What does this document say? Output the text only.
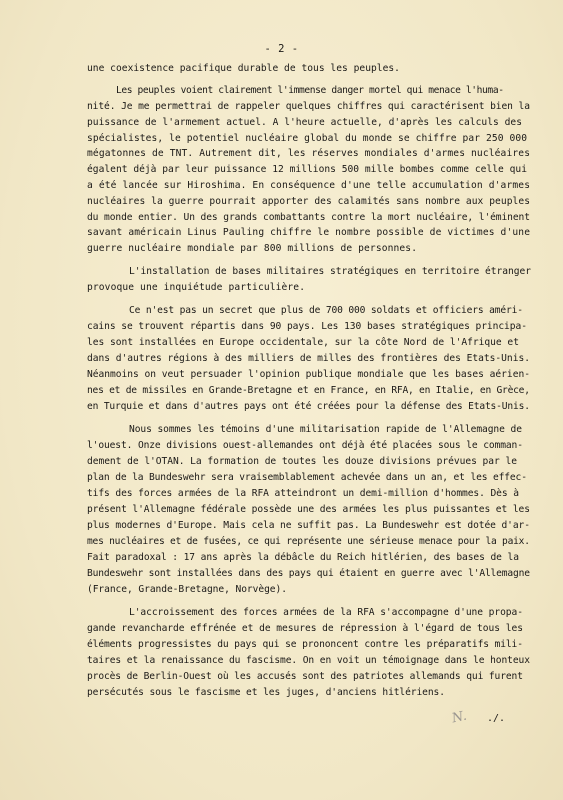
- 2 -
une coexistence pacifique durable de tous les peuples.
Les peuples voient clairement l'immense danger mortel qui menace l'huma-
nité. Je me permettrai de rappeler quelques chiffres qui caractérisent bien la
puissance de l'armement actuel. A l'heure actuelle, d'après les calculs des
spécialistes, le potentiel nucléaire global du monde se chiffre par 250 000
mégatonnes de TNT. Autrement dit, les réserves mondiales d'armes nucléaires
égalent déjà par leur puissance 12 millions 500 mille bombes comme celle qui
a été lancée sur Hiroshima. En conséquence d'une telle accumulation d'armes
nucléaires la guerre pourrait apporter des calamités sans nombre aux peuples
du monde entier. Un des grands combattants contre la mort nucléaire, l'éminent
savant américain Linus Pauling chiffre le nombre possible de victimes d'une
guerre nucléaire mondiale par 800 millions de personnes.
L'installation de bases militaires stratégiques en territoire étranger
provoque une inquiétude particulière.
Ce n'est pas un secret que plus de 700 000 soldats et officiers améri-
cains se trouvent répartis dans 90 pays. Les 130 bases stratégiques principa-
les sont installées en Europe occidentale, sur la côte Nord de l'Afrique et
dans d'autres régions à des milliers de milles des frontières des Etats-Unis.
Néanmoins on veut persuader l'opinion publique mondiale que les bases aérien-
nes et de missiles en Grande-Bretagne et en France, en RFA, en Italie, en Grèce,
en Turquie et dans d'autres pays ont été créées pour la défense des Etats-Unis.
Nous sommes les témoins d'une militarisation rapide de l'Allemagne de
l'ouest. Onze divisions ouest-allemandes ont déjà été placées sous le comman-
dement de l'OTAN. La formation de toutes les douze divisions prévues par le
plan de la Bundeswehr sera vraisemblablement achevée dans un an, et les effec-
tifs des forces armées de la RFA atteindront un demi-million d'hommes. Dès à
présent l'Allemagne fédérale possède une des armées les plus puissantes et les
plus modernes d'Europe. Mais cela ne suffit pas. La Bundeswehr est dotée d'ar-
mes nucléaires et de fusées, ce qui représente une sérieuse menace pour la paix.
Fait paradoxal : 17 ans après la débâcle du Reich hitlérien, des bases de la
Bundeswehr sont installées dans des pays qui étaient en guerre avec l'Allemagne
(France, Grande-Bretagne, Norvège).
L'accroissement des forces armées de la RFA s'accompagne d'une propa-
gande revancharde effrénée et de mesures de répression à l'égard de tous les
éléments progressistes du pays qui se prononcent contre les préparatifs mili-
taires et la renaissance du fascisme. On en voit un témoignage dans le honteux
procès de Berlin-Ouest où les accusés sont des patriotes allemands qui furent
persécutés sous le fascisme et les juges, d'anciens hitlériens.
N. ./.
